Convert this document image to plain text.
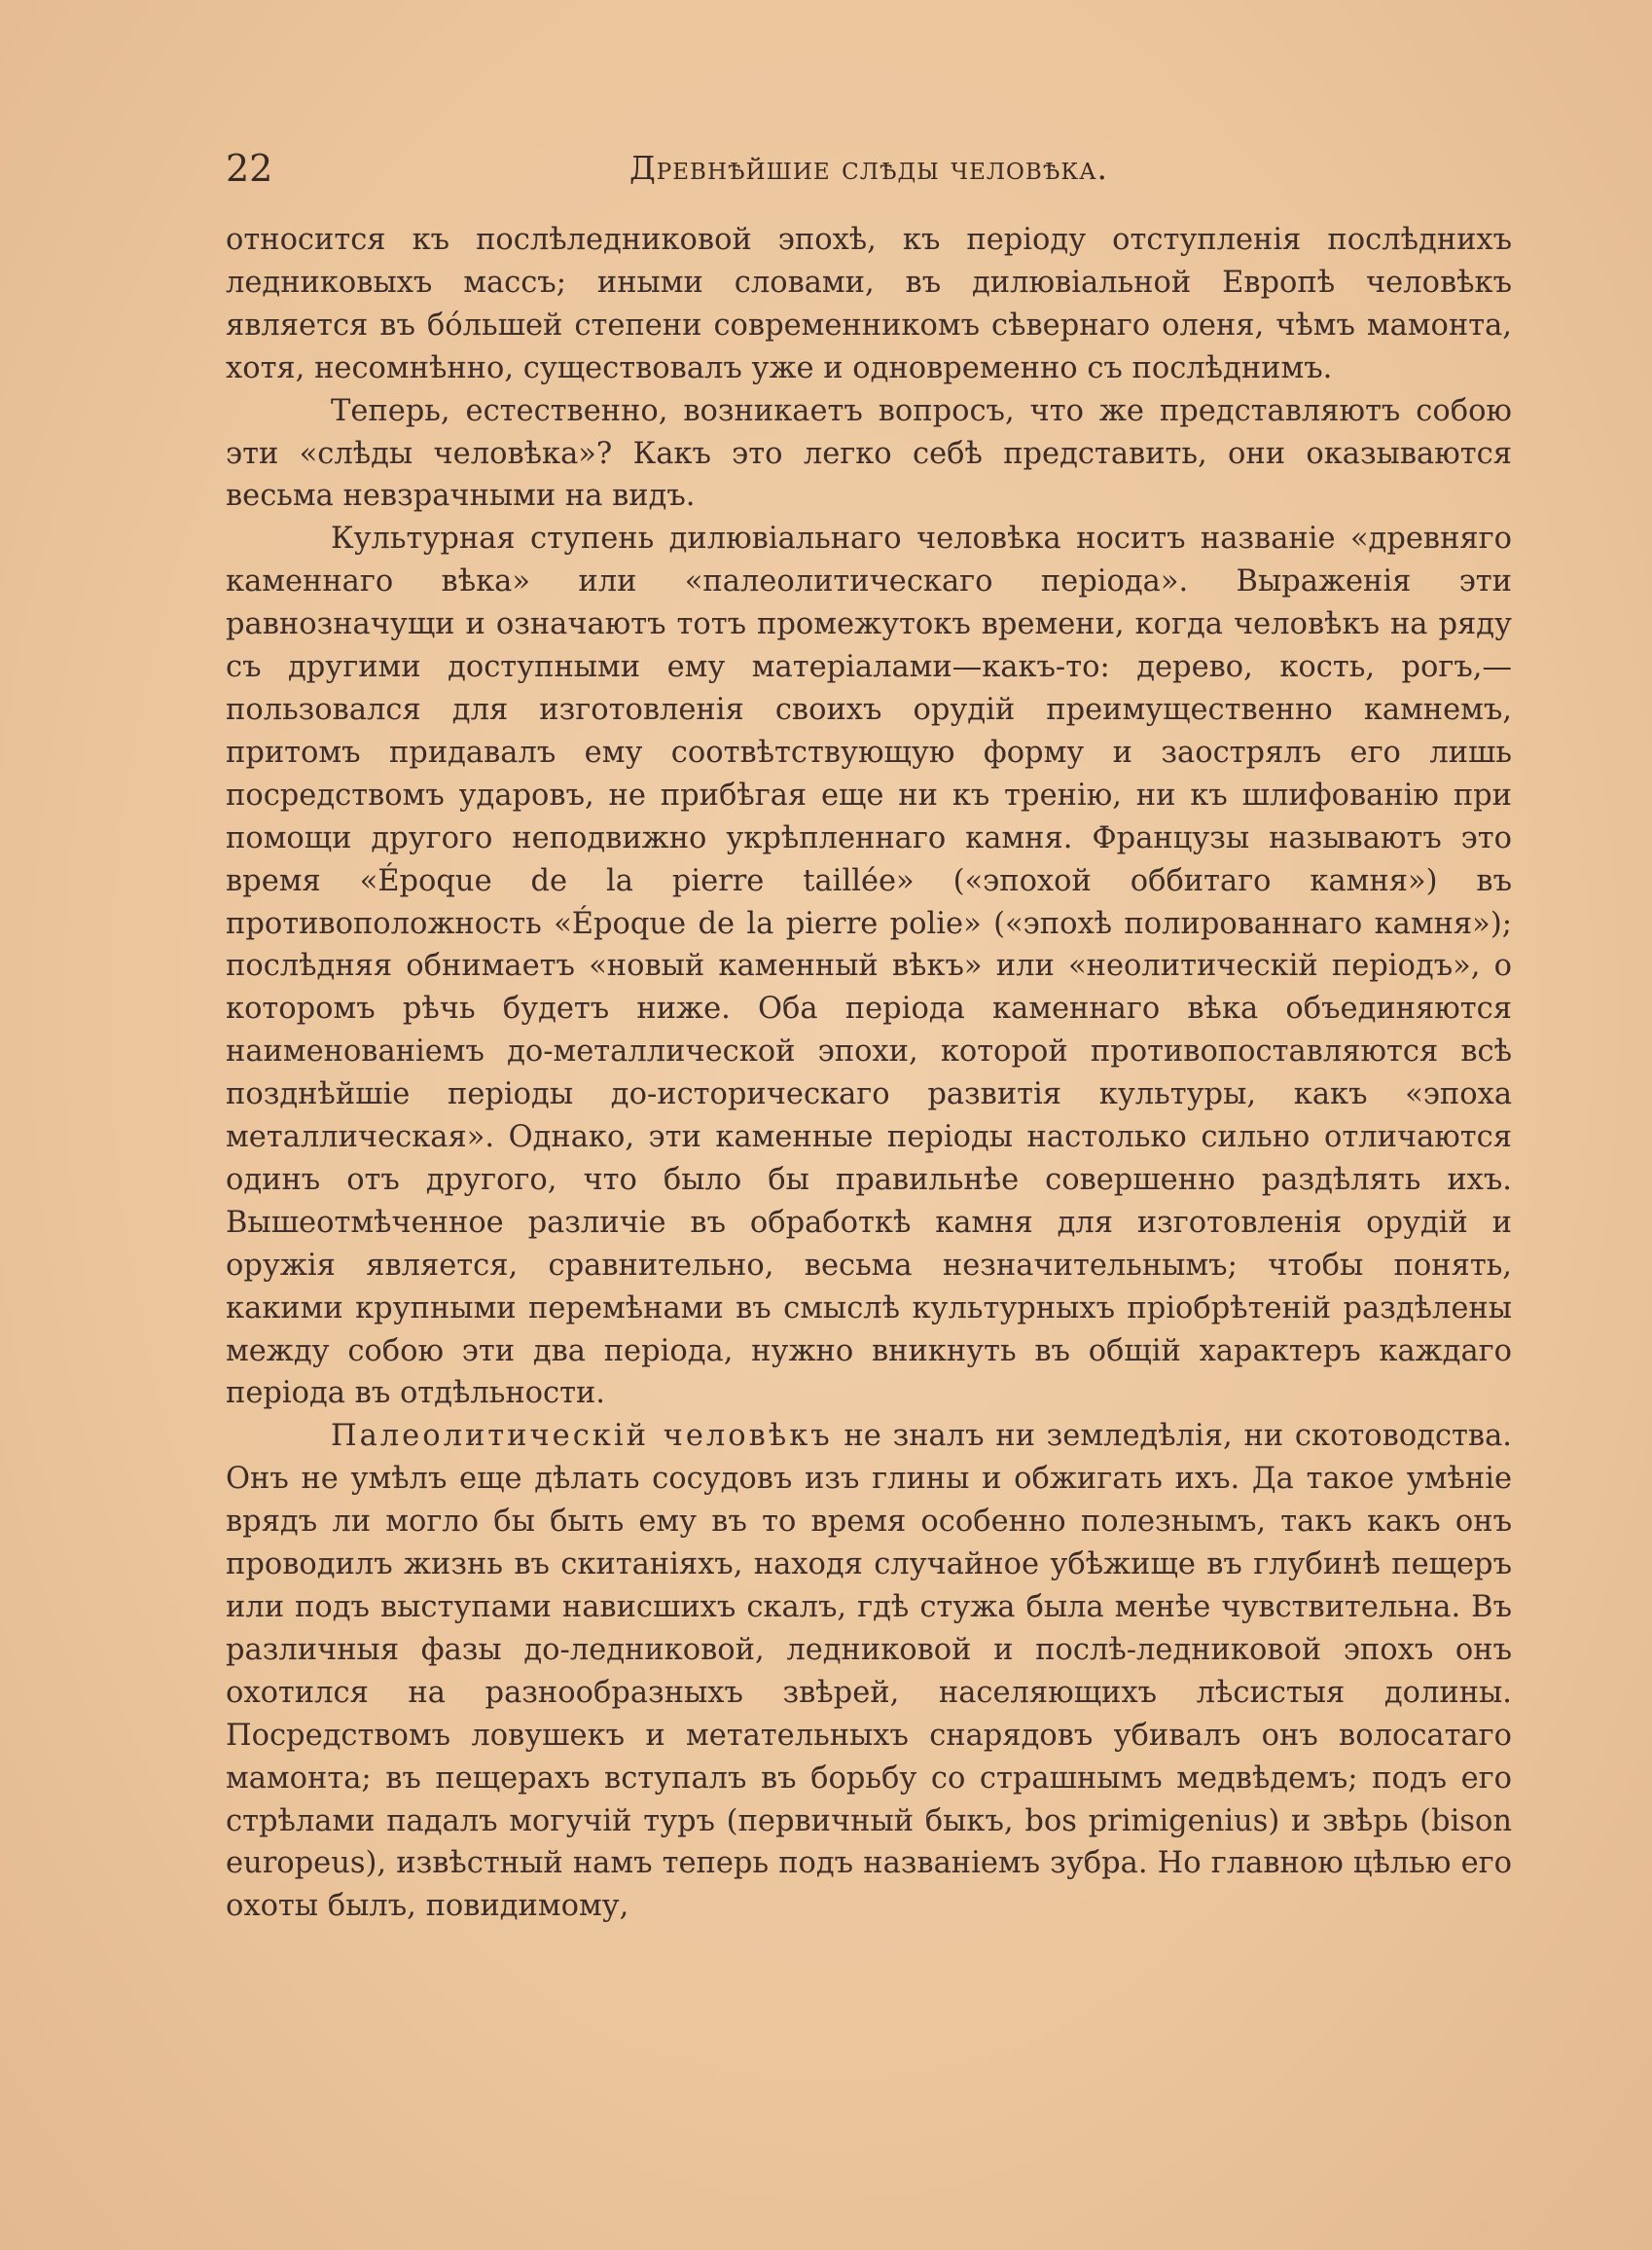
22	Древнѣйшие слѣды человѣка.

относится къ послѣледниковой эпохѣ, къ періоду отступленія послѣднихъ ледниковыхъ массъ; иными словами, въ дилювіальной Европѣ человѣкъ является въ бóльшей степени современникомъ сѣвернаго оленя, чѣмъ мамонта, хотя, несомнѣнно, существовалъ уже и одновременно съ послѣднимъ.

Теперь, естественно, возникаетъ вопросъ, что же представляютъ собою эти «слѣды человѣка»? Какъ это легко себѣ представить, они оказываются весьма невзрачными на видъ.

Культурная ступень дилювіальнаго человѣка носитъ названіе «древняго каменнаго вѣка» или «палеолитическаго періода». Выраженія эти равнозначущи и означаютъ тотъ промежутокъ времени, когда человѣкъ на ряду съ другими доступными ему матеріалами—какъ-то: дерево, кость, рогъ,— пользовался для изготовленія своихъ орудій преимущественно камнемъ, притомъ придавалъ ему соотвѣтствующую форму и заострялъ его лишь посредствомъ ударовъ, не прибѣгая еще ни къ тренію, ни къ шлифованію при помощи другого неподвижно укрѣпленнаго камня. Французы называютъ это время «Époque de la pierre taillée» («эпохой оббитаго камня») въ противоположность «Époque de la pierre polie» («эпохѣ полированнаго камня»); послѣдняя обнимаетъ «новый каменный вѣкъ» или «неолитическій періодъ», о которомъ рѣчь будетъ ниже. Оба періода каменнаго вѣка объединяются наименованіемъ до-металлической эпохи, которой противопоставляются всѣ позднѣйшіе періоды до-историческаго развитія культуры, какъ «эпоха металлическая». Однако, эти каменные періоды настолько сильно отличаются одинъ отъ другого, что было бы правильнѣе совершенно раздѣлять ихъ. Вышеотмѣченное различіе въ обработкѣ камня для изготовленія орудій и оружія является, сравнительно, весьма незначительнымъ; чтобы понять, какими крупными перемѣнами въ смыслѣ культурныхъ пріобрѣтеній раздѣлены между собою эти два періода, нужно вникнуть въ общій характеръ каждаго періода въ отдѣльности.

Палеолитическій человѣкъ не зналъ ни земледѣлія, ни скотоводства. Онъ не умѣлъ еще дѣлать сосудовъ изъ глины и обжигать ихъ. Да такое умѣніе врядъ ли могло бы быть ему въ то время особенно полезнымъ, такъ какъ онъ проводилъ жизнь въ скитаніяхъ, находя случайное убѣжище въ глубинѣ пещеръ или подъ выступами нависшихъ скалъ, гдѣ стужа была менѣе чувствительна. Въ различныя фазы до-ледниковой, ледниковой и послѣ-ледниковой эпохъ онъ охотился на разнообразныхъ звѣрей, населяющихъ лѣсистыя долины. Посредствомъ ловушекъ и метательныхъ снарядовъ убивалъ онъ волосатаго мамонта; въ пещерахъ вступалъ въ борьбу со страшнымъ медвѣдемъ; подъ его стрѣлами падалъ могучій туръ (первичный быкъ, bos primigenius) и звѣрь (bison europeus), извѣстный намъ теперь подъ названіемъ зубра. Но главною цѣлью его охоты былъ, повидимому,
